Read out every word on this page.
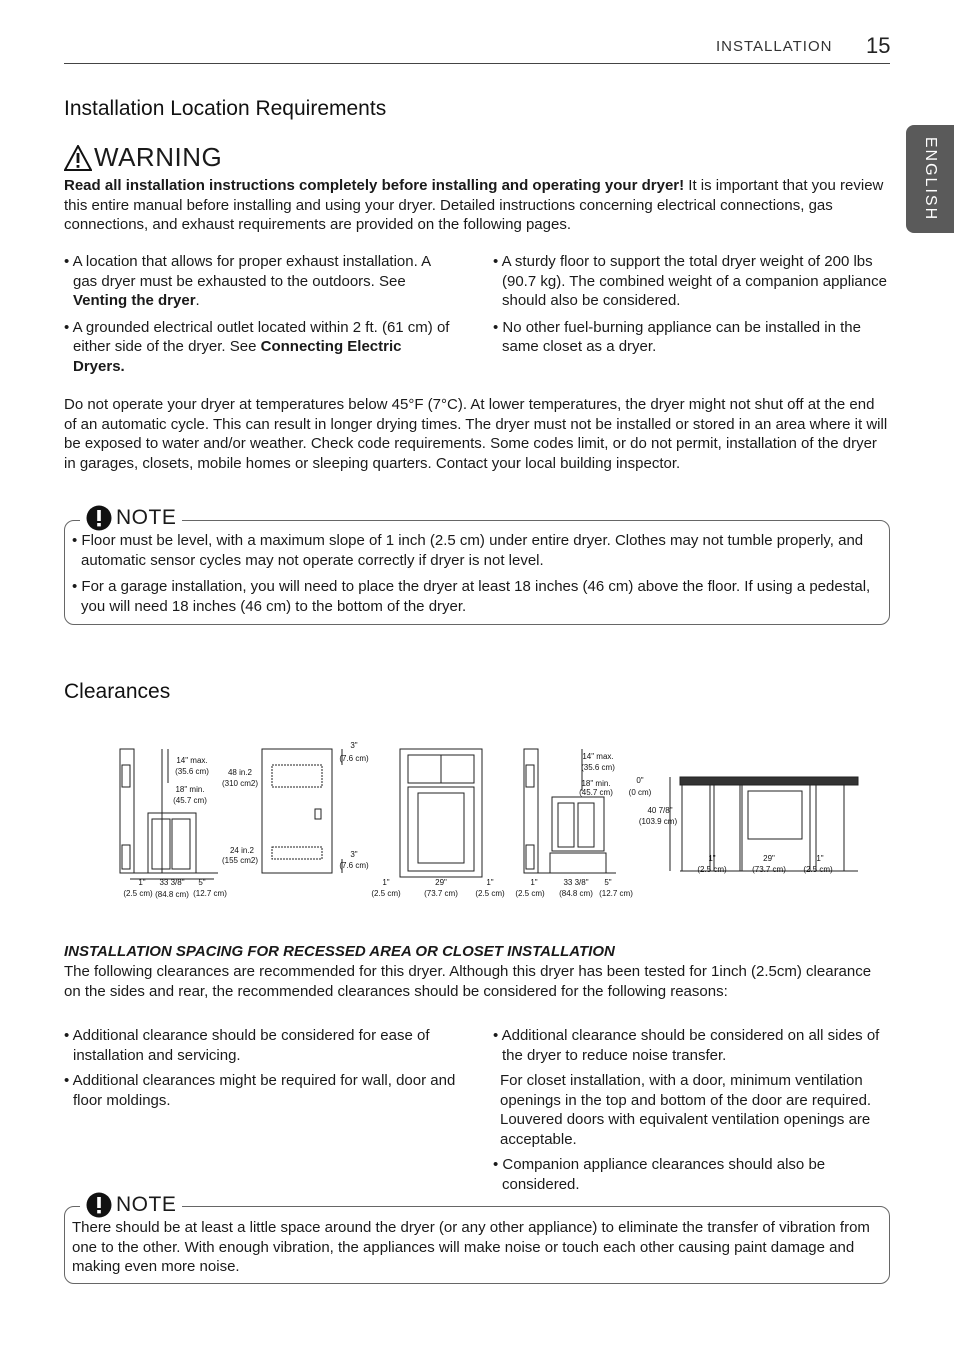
INSTALLATION 15
ENGLISH
Installation Location Requirements
WARNING
Read all installation instructions completely before installing and operating your dryer! It is important that you review this entire manual before installing and using your dryer. Detailed instructions concerning electrical connections, gas connections, and exhaust requirements are provided on the following pages.
• A location that allows for proper exhaust installation. A gas dryer must be exhausted to the outdoors. See Venting the dryer.
• A grounded electrical outlet located within 2 ft. (61 cm) of either side of the dryer. See Connecting Electric Dryers.
• A sturdy floor to support the total dryer weight of 200 lbs (90.7 kg). The combined weight of a companion appliance should also be considered.
• No other fuel-burning appliance can be installed in the same closet as a dryer.
Do not operate your dryer at temperatures below 45°F (7°C). At lower temperatures, the dryer might not shut off at the end of an automatic cycle. This can result in longer drying times. The dryer must not be installed or stored in an area where it will be exposed to water and/or weather. Check code requirements. Some codes limit, or do not permit, installation of the dryer in garages, closets, mobile homes or sleeping quarters. Contact your local building inspector.
NOTE
• Floor must be level, with a maximum slope of 1 inch (2.5 cm) under entire dryer. Clothes may not tumble properly, and automatic sensor cycles may not operate correctly if dryer is not level.
• For a garage installation, you will need to place the dryer at least 18 inches (46 cm) above the floor. If using a pedestal, you will need 18 inches (46 cm) to the bottom of the dryer.
Clearances
14" max.
(35.6 cm)
18" min.
(45.7 cm)
48 in.2
(310 cm2)
24 in.2
(155 cm2)
1"
(2.5 cm)
33 3/8"
(84.8 cm)
5"
(12.7 cm)
3"
(7.6 cm)
3"
(7.6 cm)
1"
(2.5 cm)
29"
(73.7 cm)
1"
(2.5 cm)
14" max.
(35.6 cm)
18" min.
(45.7 cm)
1"
(2.5 cm)
33 3/8"
(84.8 cm)
5"
(12.7 cm)
0"
(0 cm)
40 7/8"
(103.9 cm)
1"
(2.5 cm)
29"
(73.7 cm)
1"
(2.5 cm)
INSTALLATION SPACING FOR RECESSED AREA OR CLOSET INSTALLATION
The following clearances are recommended for this dryer. Although this dryer has been tested for 1inch (2.5cm) clearance on the sides and rear, the recommended clearances should be considered for the following reasons:
• Additional clearance should be considered for ease of installation and servicing.
• Additional clearances might be required for wall, door and floor moldings.
• Additional clearance should be considered on all sides of the dryer to reduce noise transfer.
For closet installation, with a door, minimum ventilation openings in the top and bottom of the door are required. Louvered doors with equivalent ventilation openings are acceptable.
• Companion appliance clearances should also be considered.
NOTE
There should be at least a little space around the dryer (or any other appliance) to eliminate the transfer of vibration from one to the other. With enough vibration, the appliances will make noise or touch each other causing paint damage and making even more noise.
